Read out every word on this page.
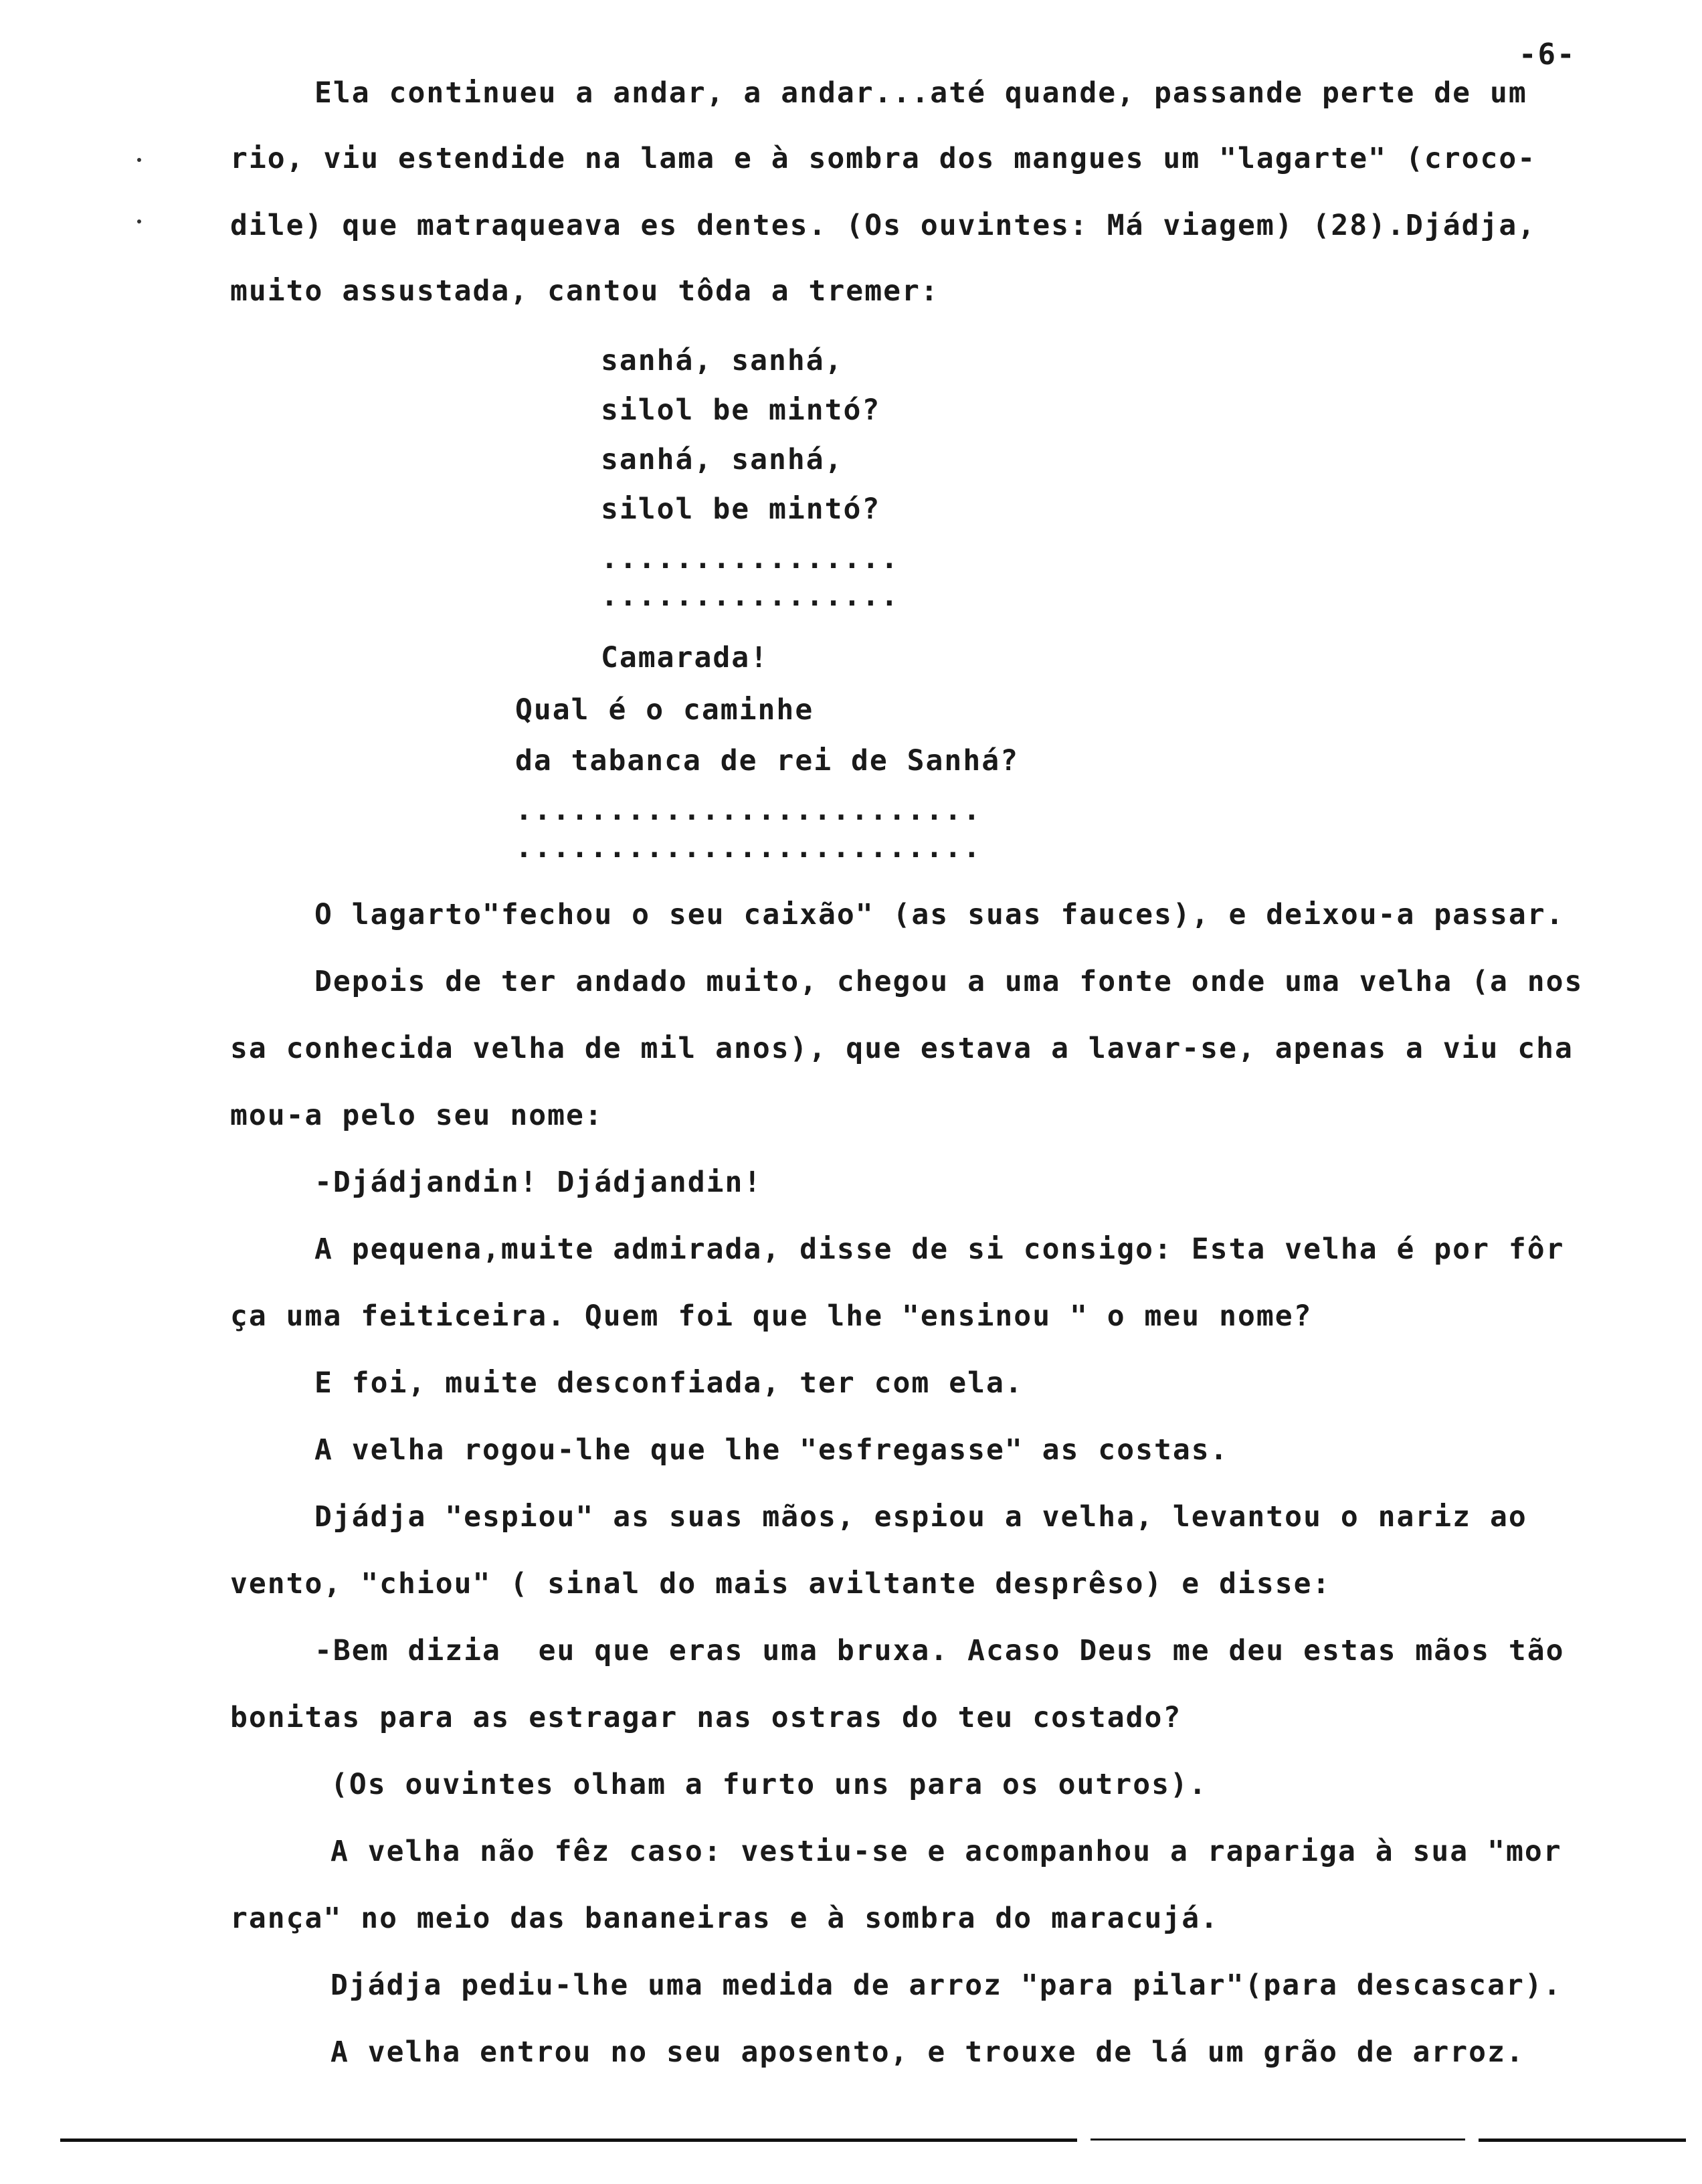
-6-
Ela continueu a andar, a andar...até quande, passande perte de um
rio, viu estendide na lama e à sombra dos mangues um "lagarte" (croco-
dile) que matraqueava es dentes. (Os ouvintes: Má viagem) (28).Djádja,
muito assustada, cantou tôda a tremer:
sanhá, sanhá,
silol be mintó?
sanhá, sanhá,
silol be mintó?
................
................
Camarada!
Qual é o caminhe
da tabanca de rei de Sanhá?
.........................
.........................
O lagarto"fechou o seu caixão" (as suas fauces), e deixou-a passar.
Depois de ter andado muito, chegou a uma fonte onde uma velha (a nos
sa conhecida velha de mil anos), que estava a lavar-se, apenas a viu cha
mou-a pelo seu nome:
-Djádjandin! Djádjandin!
A pequena,muite admirada, disse de si consigo: Esta velha é por fôr
ça uma feiticeira. Quem foi que lhe "ensinou " o meu nome?
E foi, muite desconfiada, ter com ela.
A velha rogou-lhe que lhe "esfregasse" as costas.
Djádja "espiou" as suas mãos, espiou a velha, levantou o nariz ao
vento, "chiou" ( sinal do mais aviltante desprêso) e disse:
-Bem dizia  eu que eras uma bruxa. Acaso Deus me deu estas mãos tão
bonitas para as estragar nas ostras do teu costado?
(Os ouvintes olham a furto uns para os outros).
A velha não fêz caso: vestiu-se e acompanhou a rapariga à sua "mor
rança" no meio das bananeiras e à sombra do maracujá.
Djádja pediu-lhe uma medida de arroz "para pilar"(para descascar).
A velha entrou no seu aposento, e trouxe de lá um grão de arroz.
